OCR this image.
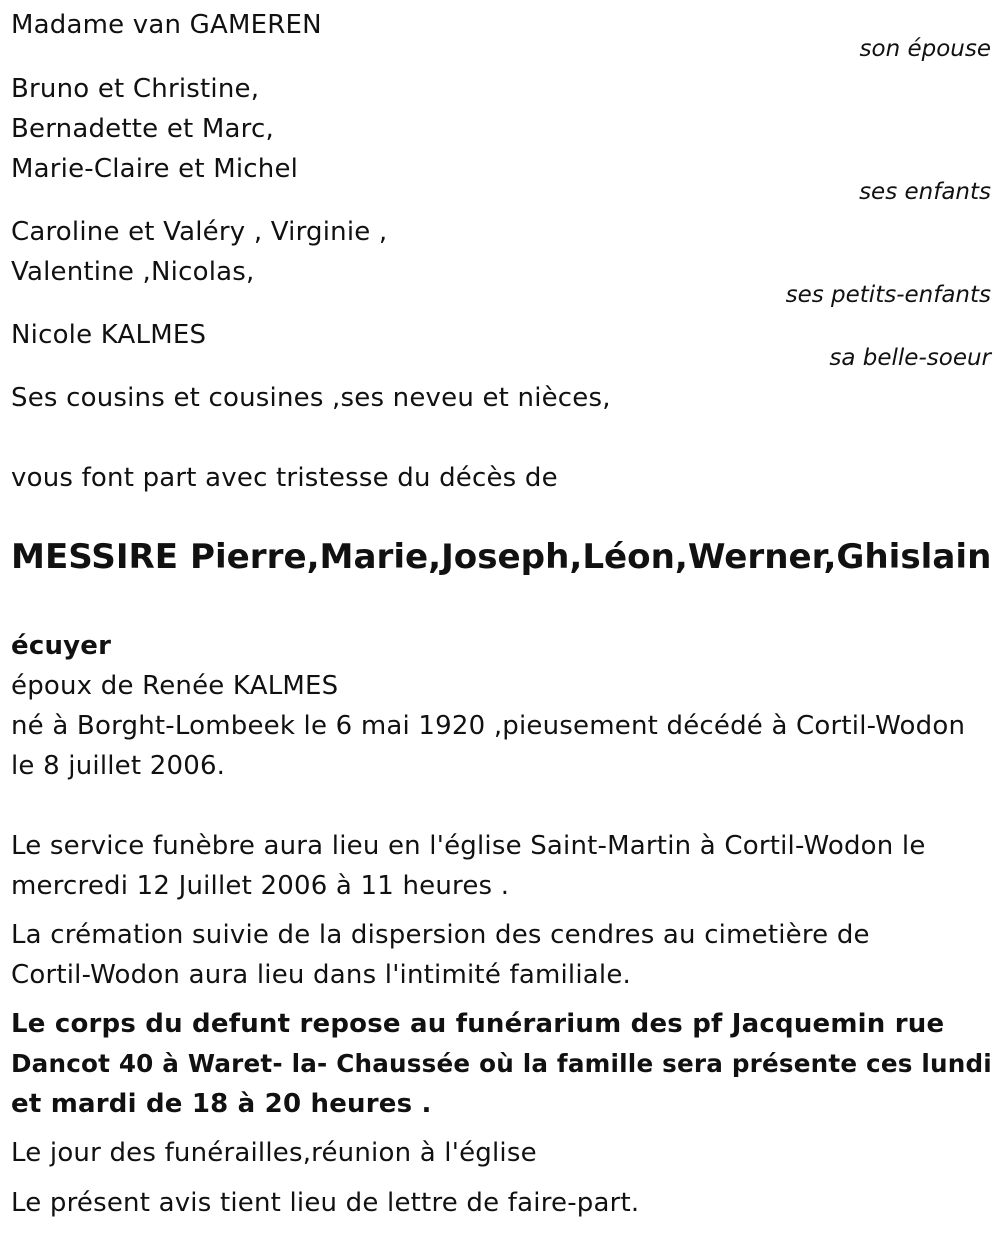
Madame van GAMEREN
son épouse
Bruno et Christine,
Bernadette et Marc,
Marie-Claire et Michel
ses enfants
Caroline et Valéry , Virginie ,
Valentine ,Nicolas,
ses petits-enfants
Nicole KALMES
sa belle-soeur
Ses cousins et cousines ,ses neveu et nièces,
vous font part avec tristesse du décès de
MESSIRE Pierre,Marie,Joseph,Léon,Werner,Ghislain
écuyer
époux de Renée KALMES
né à Borght-Lombeek le 6 mai 1920 ,pieusement décédé à Cortil-Wodon
le 8 juillet 2006.
Le service funèbre aura lieu en l'église Saint-Martin à Cortil-Wodon le
mercredi 12 Juillet 2006 à 11 heures .
La crémation suivie de la dispersion des cendres au cimetière de
Cortil-Wodon aura lieu dans l'intimité familiale.
Le corps du defunt repose au funérarium des pf Jacquemin rue
Dancot 40 à Waret- la- Chaussée où la famille sera présente ces lundi
et mardi de 18 à 20 heures .
Le jour des funérailles,réunion à l'église
Le présent avis tient lieu de lettre de faire-part.
